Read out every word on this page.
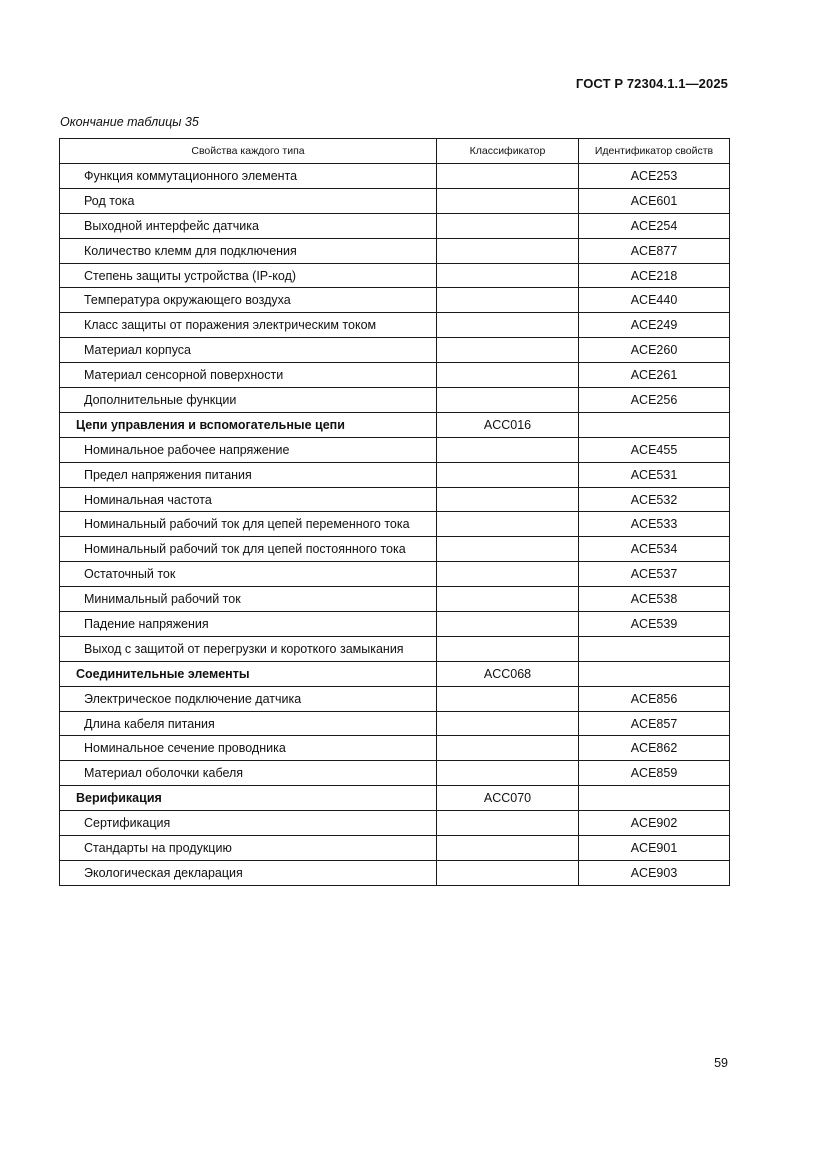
ГОСТ Р 72304.1.1—2025
Окончание таблицы 35
Свойства каждого типа	Классификатор	Идентификатор свойств
Функция коммутационного элемента		ACE253
Род тока		ACE601
Выходной интерфейс датчика		ACE254
Количество клемм для подключения		ACE877
Степень защиты устройства (IP-код)		ACE218
Температура окружающего воздуха		ACE440
Класс защиты от поражения электрическим током		ACE249
Материал корпуса		ACE260
Материал сенсорной поверхности		ACE261
Дополнительные функции		ACE256
Цепи управления и вспомогательные цепи	ACC016	
Номинальное рабочее напряжение		ACE455
Предел напряжения питания		ACE531
Номинальная частота		ACE532
Номинальный рабочий ток для цепей переменного тока		ACE533
Номинальный рабочий ток для цепей постоянного тока		ACE534
Остаточный ток		ACE537
Минимальный рабочий ток		ACE538
Падение напряжения		ACE539
Выход с защитой от перегрузки и короткого замыкания		
Соединительные элементы	ACC068	
Электрическое подключение датчика		ACE856
Длина кабеля питания		ACE857
Номинальное сечение проводника		ACE862
Материал оболочки кабеля		ACE859
Верификация	ACC070	
Сертификация		ACE902
Стандарты на продукцию		ACE901
Экологическая декларация		ACE903
59
